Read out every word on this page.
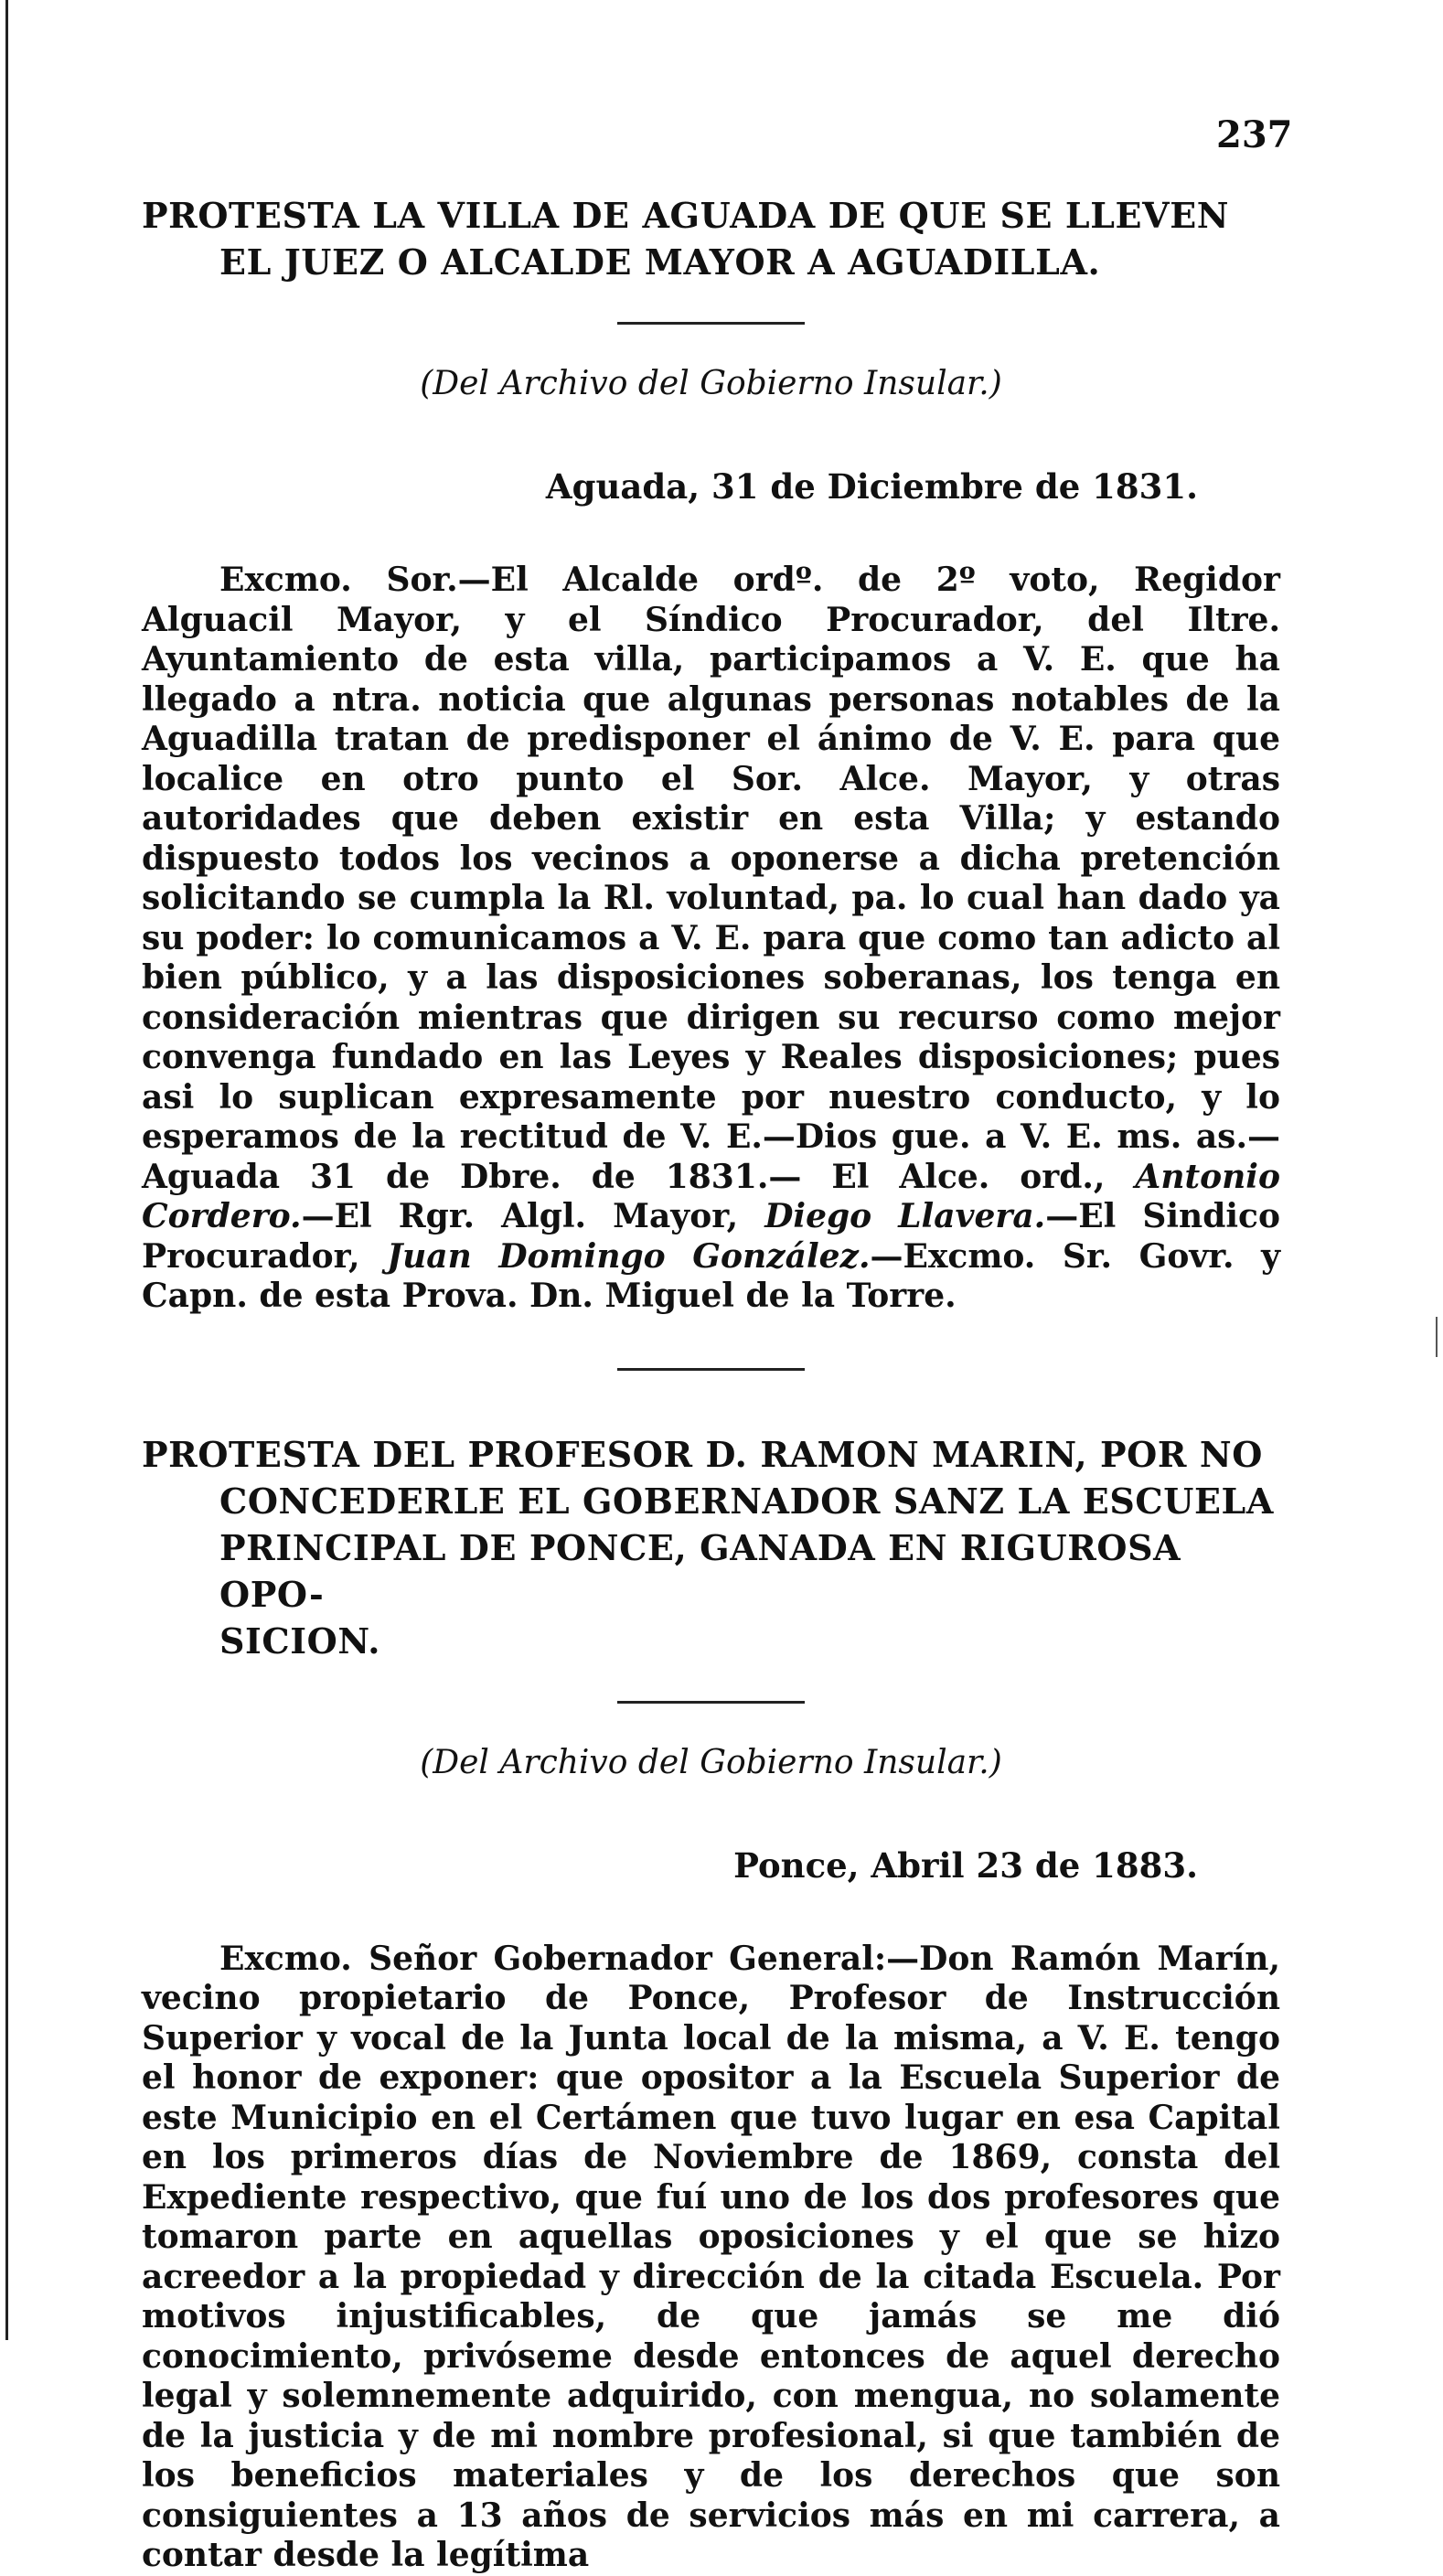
237
PROTESTA LA VILLA DE AGUADA DE QUE SE LLEVEN
EL JUEZ O ALCALDE MAYOR A AGUADILLA.
(Del Archivo del Gobierno Insular.)
Aguada, 31 de Diciembre de 1831.

Excmo. Sor.—El Alcalde ordº. de 2º voto, Regidor Alguacil Mayor, y el Síndico Procurador, del Iltre. Ayuntamiento de esta villa, participamos a V. E. que ha llegado a ntra. noticia que algunas personas notables de la Aguadilla tratan de predisponer el ánimo de V. E. para que localice en otro punto el Sor. Alce. Mayor, y otras autoridades que deben existir en esta Villa; y estando dispuesto todos los vecinos a oponerse a dicha pretención solicitando se cumpla la Rl. voluntad, pa. lo cual han dado ya su poder: lo comunicamos a V. E. para que como tan adicto al bien público, y a las disposiciones soberanas, los tenga en consideración mientras que dirigen su recurso como mejor convenga fundado en las Leyes y Reales disposiciones; pues asi lo suplican expresamente por nuestro conducto, y lo esperamos de la rectitud de V. E.—Dios gue. a V. E. ms. as.—Aguada 31 de Dbre. de 1831.— El Alce. ord., Antonio Cordero.—El Rgr. Algl. Mayor, Diego Llavera.—El Sindico Procurador, Juan Domingo González.—Excmo. Sr. Govr. y Capn. de esta Prova. Dn. Miguel de la Torre.

PROTESTA DEL PROFESOR D. RAMON MARIN, POR NO
CONCEDERLE EL GOBERNADOR SANZ LA ESCUELA
PRINCIPAL DE PONCE, GANADA EN RIGUROSA OPO-
SICION.
(Del Archivo del Gobierno Insular.)
Ponce, Abril 23 de 1883.

Excmo. Señor Gobernador General:—Don Ramón Marín, vecino propietario de Ponce, Profesor de Instrucción Superior y vocal de la Junta local de la misma, a V. E. tengo el honor de exponer: que opositor a la Escuela Superior de este Municipio en el Certámen que tuvo lugar en esa Capital en los primeros días de Noviembre de 1869, consta del Expediente respectivo, que fuí uno de los dos profesores que tomaron parte en aquellas oposiciones y el que se hizo acreedor a la propiedad y dirección de la citada Escuela. Por motivos injustificables, de que jamás se me dió conocimiento, privóseme desde entonces de aquel derecho legal y solemnemente adquirido, con mengua, no solamente de la justicia y de mi nombre profesional, si que también de los beneficios materiales y de los derechos que son consiguientes a 13 años de servicios más en mi carrera, a contar desde la legítima
